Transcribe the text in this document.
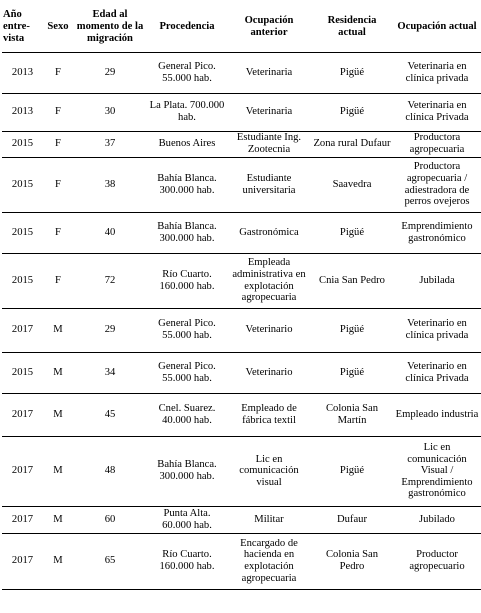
Año entre-vista	Sexo	Edad al momento de la migración	Procedencia	Ocupación anterior	Residencia actual	Ocupación actual
2013	F	29	General Pico. 55.000 hab.	Veterinaria	Pigüé	Veterinaria en clínica privada
2013	F	30	La Plata. 700.000 hab.	Veterinaria	Pigüé	Veterinaria en clínica Privada
2015	F	37	Buenos Aires	Estudiante Ing. Zootecnia	Zona rural Dufaur	Productora agropecuaria
2015	F	38	Bahía Blanca. 300.000 hab.	Estudiante universitaria	Saavedra	Productora agropecuaria / adiestradora de perros ovejeros
2015	F	40	Bahía Blanca. 300.000 hab.	Gastronómica	Pigüé	Emprendimiento gastronómico
2015	F	72	Río Cuarto. 160.000 hab.	Empleada administrativa en explotación agropecuaria	Cnia San Pedro	Jubilada
2017	M	29	General Pico. 55.000 hab.	Veterinario	Pigüé	Veterinario en clínica privada
2015	M	34	General Pico. 55.000 hab.	Veterinario	Pigüé	Veterinario en clínica Privada
2017	M	45	Cnel. Suarez. 40.000 hab.	Empleado de fábrica textil	Colonia San Martín	Empleado industria
2017	M	48	Bahía Blanca. 300.000 hab.	Lic en comunicación visual	Pigüé	Lic en comunicación Visual / Emprendimiento gastronómico
2017	M	60	Punta Alta. 60.000 hab.	Militar	Dufaur	Jubilado
2017	M	65	Río Cuarto. 160.000 hab.	Encargado de hacienda en explotación agropecuaria	Colonia San Pedro	Productor agropecuario
